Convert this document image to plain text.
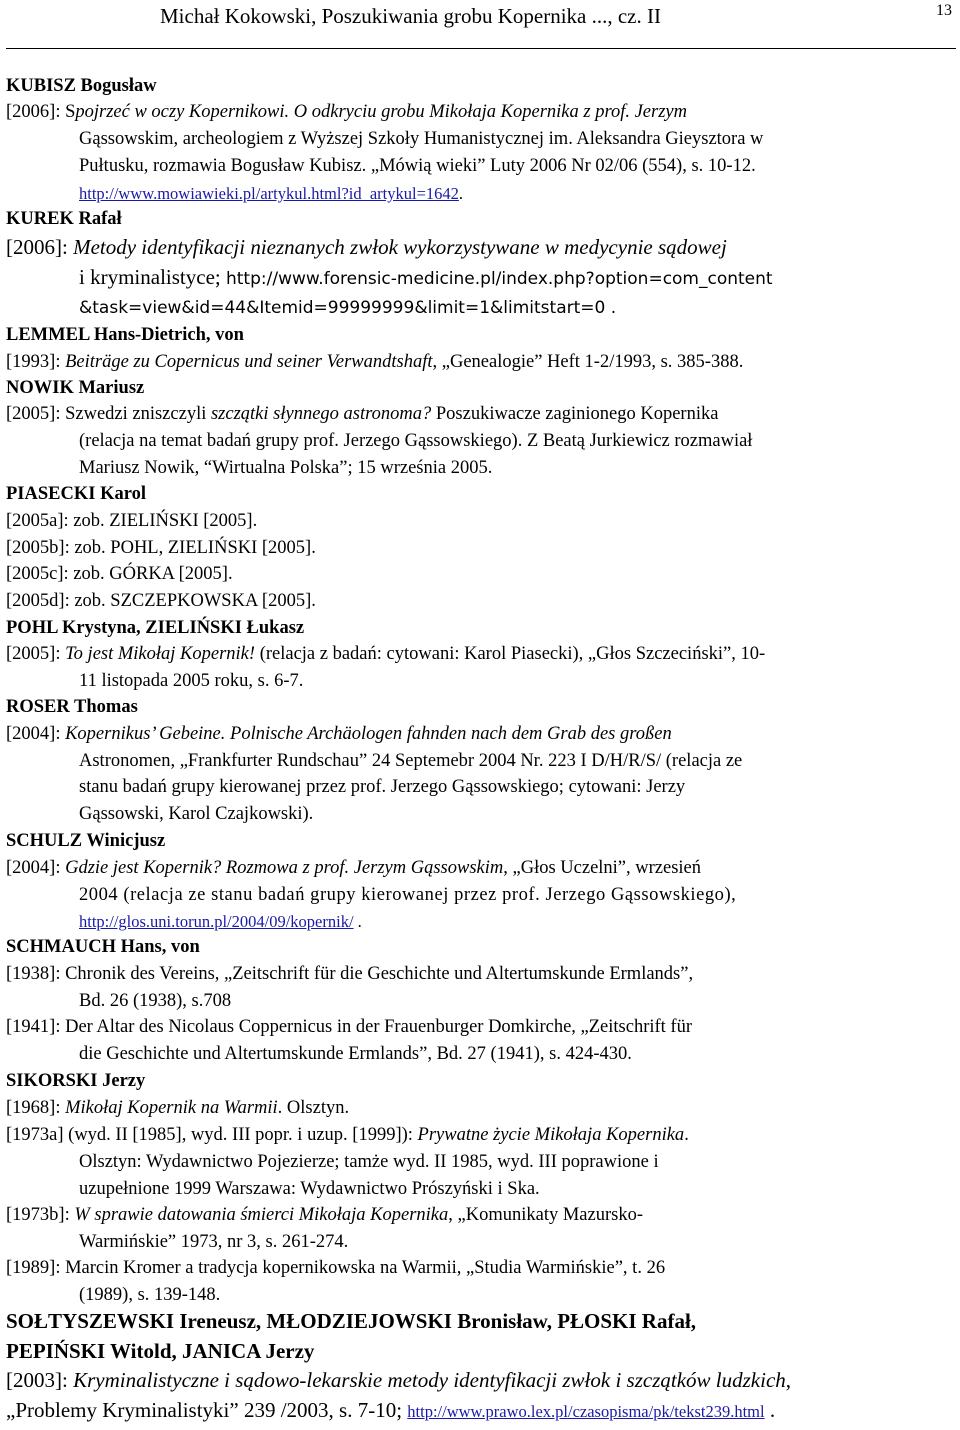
Michał Kokowski, Poszukiwania grobu Kopernika ..., cz. II	13
KUBISZ Bogusław
[2006]: Spojrzeć w oczy Kopernikowi. O odkryciu grobu Mikołaja Kopernika z prof. Jerzym
Gąssowskim, archeologiem z Wyższej Szkoły Humanistycznej im. Aleksandra Gieysztora w
Pułtusku, rozmawia Bogusław Kubisz. „Mówią wieki” Luty 2006 Nr 02/06 (554), s. 10-12.
http://www.mowiawieki.pl/artykul.html?id_artykul=1642.
KUREK Rafał
[2006]: Metody identyfikacji nieznanych zwłok wykorzystywane w medycynie sądowej
i kryminalistyce; http://www.forensic-medicine.pl/index.php?option=com_content
&task=view&id=44&Itemid=99999999&limit=1&limitstart=0 .
LEMMEL Hans-Dietrich, von
[1993]: Beiträge zu Copernicus und seiner Verwandtshaft, „Genealogie” Heft 1-2/1993, s. 385-388.
NOWIK Mariusz
[2005]: Szwedzi zniszczyli szczątki słynnego astronoma? Poszukiwacze zaginionego Kopernika
(relacja na temat badań grupy prof. Jerzego Gąssowskiego). Z Beatą Jurkiewicz rozmawiał
Mariusz Nowik, “Wirtualna Polska”; 15 września 2005.
PIASECKI Karol
[2005a]: zob. ZIELIŃSKI [2005].
[2005b]: zob. POHL, ZIELIŃSKI [2005].
[2005c]: zob. GÓRKA [2005].
[2005d]: zob. SZCZEPKOWSKA [2005].
POHL Krystyna, ZIELIŃSKI Łukasz
[2005]: To jest Mikołaj Kopernik! (relacja z badań: cytowani: Karol Piasecki), „Głos Szczeciński”, 10-
11 listopada 2005 roku, s. 6-7.
ROSER Thomas
[2004]: Kopernikus’ Gebeine. Polnische Archäologen fahnden nach dem Grab des großen
Astronomen, „Frankfurter Rundschau” 24 Septemebr 2004 Nr. 223 I D/H/R/S/ (relacja ze
stanu badań grupy kierowanej przez prof. Jerzego Gąssowskiego; cytowani: Jerzy
Gąssowski, Karol Czajkowski).
SCHULZ Winicjusz
[2004]: Gdzie jest Kopernik? Rozmowa z prof. Jerzym Gąssowskim, „Głos Uczelni”, wrzesień
2004 (relacja ze stanu badań grupy kierowanej przez prof. Jerzego Gąssowskiego),
http://glos.uni.torun.pl/2004/09/kopernik/ .
SCHMAUCH Hans, von
[1938]: Chronik des Vereins, „Zeitschrift für die Geschichte und Altertumskunde Ermlands”,
Bd. 26 (1938), s.708
[1941]: Der Altar des Nicolaus Coppernicus in der Frauenburger Domkirche, „Zeitschrift für
die Geschichte und Altertumskunde Ermlands”, Bd. 27 (1941), s. 424-430.
SIKORSKI Jerzy
[1968]: Mikołaj Kopernik na Warmii. Olsztyn.
[1973a] (wyd. II [1985], wyd. III popr. i uzup. [1999]): Prywatne życie Mikołaja Kopernika.
Olsztyn: Wydawnictwo Pojezierze; tamże wyd. II 1985, wyd. III poprawione i
uzupełnione 1999 Warszawa: Wydawnictwo Prószyński i Ska.
[1973b]: W sprawie datowania śmierci Mikołaja Kopernika, „Komunikaty Mazursko-
Warmińskie” 1973, nr 3, s. 261-274.
[1989]: Marcin Kromer a tradycja kopernikowska na Warmii, „Studia Warmińskie”, t. 26
(1989), s. 139-148.
SOŁTYSZEWSKI Ireneusz, MŁODZIEJOWSKI Bronisław, PŁOSKI Rafał,
PEPIŃSKI Witold, JANICA Jerzy
[2003]: Kryminalistyczne i sądowo-lekarskie metody identyfikacji zwłok i szczątków ludzkich,
„Problemy Kryminalistyki” 239 /2003, s. 7-10; http://www.prawo.lex.pl/czasopisma/pk/tekst239.html .
